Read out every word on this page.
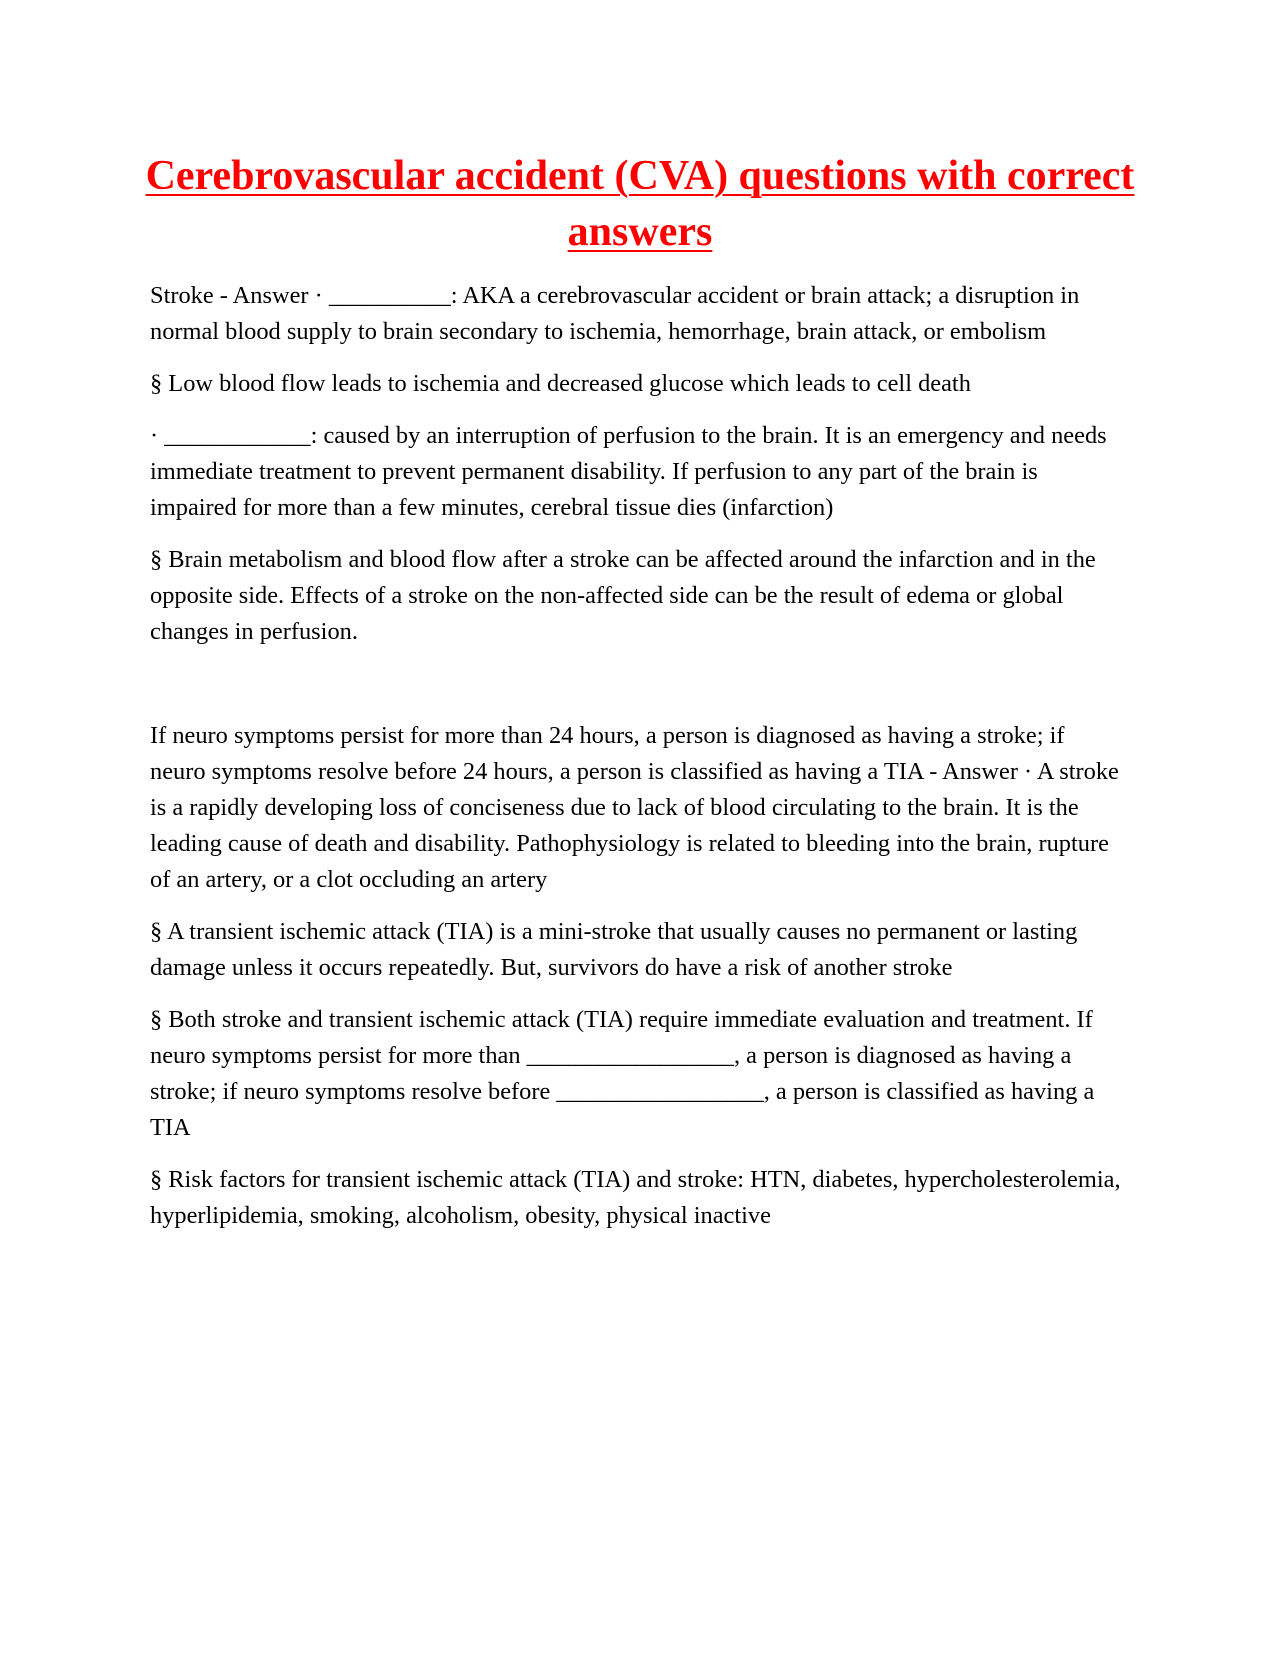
Cerebrovascular accident (CVA) questions with correct answers

Stroke - Answer · __________: AKA a cerebrovascular accident or brain attack; a disruption in normal blood supply to brain secondary to ischemia, hemorrhage, brain attack, or embolism

§ Low blood flow leads to ischemia and decreased glucose which leads to cell death

· ____________: caused by an interruption of perfusion to the brain. It is an emergency and needs immediate treatment to prevent permanent disability. If perfusion to any part of the brain is impaired for more than a few minutes, cerebral tissue dies (infarction)

§ Brain metabolism and blood flow after a stroke can be affected around the infarction and in the opposite side. Effects of a stroke on the non-affected side can be the result of edema or global changes in perfusion.

If neuro symptoms persist for more than 24 hours, a person is diagnosed as having a stroke; if neuro symptoms resolve before 24 hours, a person is classified as having a TIA - Answer · A stroke is a rapidly developing loss of conciseness due to lack of blood circulating to the brain. It is the leading cause of death and disability. Pathophysiology is related to bleeding into the brain, rupture of an artery, or a clot occluding an artery

§ A transient ischemic attack (TIA) is a mini-stroke that usually causes no permanent or lasting damage unless it occurs repeatedly. But, survivors do have a risk of another stroke

§ Both stroke and transient ischemic attack (TIA) require immediate evaluation and treatment. If neuro symptoms persist for more than _________________, a person is diagnosed as having a stroke; if neuro symptoms resolve before _________________, a person is classified as having a TIA

§ Risk factors for transient ischemic attack (TIA) and stroke: HTN, diabetes, hypercholesterolemia, hyperlipidemia, smoking, alcoholism, obesity, physical inactive
